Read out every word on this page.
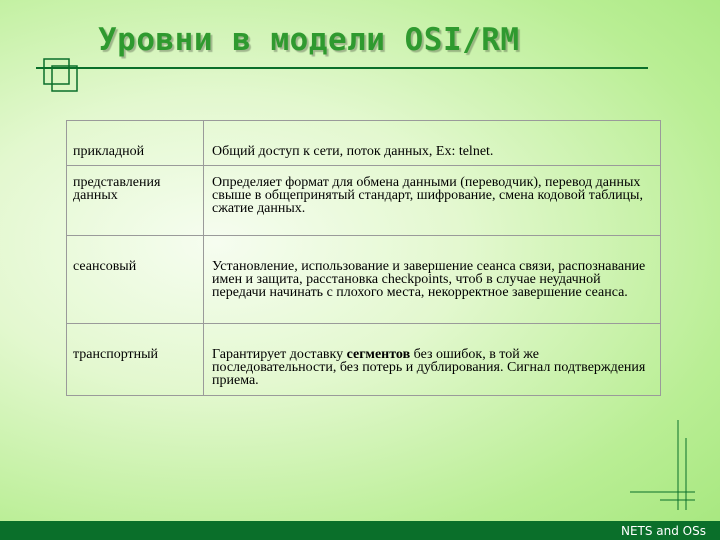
Уровни в модели OSI/RM
прикладной	Общий доступ к сети, поток данных, Ex: telnet.
представления данных	Определяет формат для обмена данными (переводчик), перевод данных свыше в общепринятый стандарт, шифрование, смена кодовой таблицы, сжатие данных.
сеансовый	Установление, использование и завершение сеанса связи, распознавание имен и защита, расстановка checkpoints, чтоб в случае неудачной передачи начинать с плохого места, некорректное завершение сеанса.
транспортный	Гарантирует доставку сегментов без ошибок, в той же последовательности, без потерь и дублирования. Сигнал подтверждения приема.
NETS and OSs
